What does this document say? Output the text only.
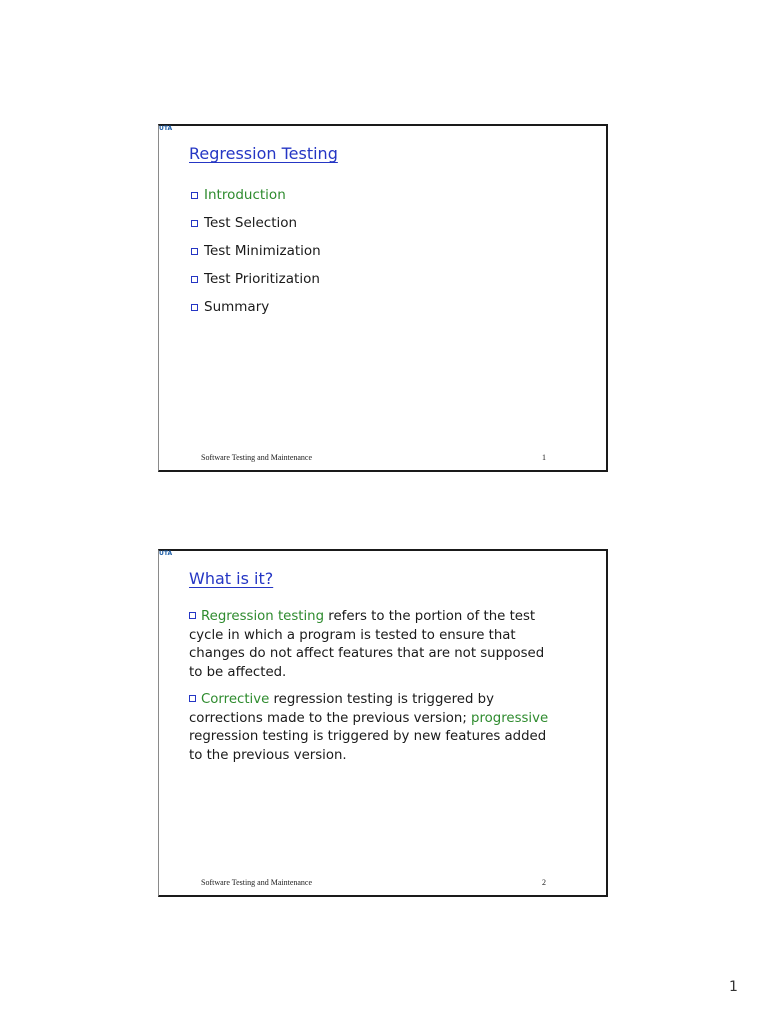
UTA
Regression Testing
Introduction
Test Selection
Test Minimization
Test Prioritization
Summary
Software Testing and Maintenance	1
UTA
What is it?

Regression testing refers to the portion of the test cycle in which a program is tested to ensure that changes do not affect features that are not supposed to be affected.

Corrective regression testing is triggered by corrections made to the previous version; progressive regression testing is triggered by new features added to the previous version.

Software Testing and Maintenance	2
1
